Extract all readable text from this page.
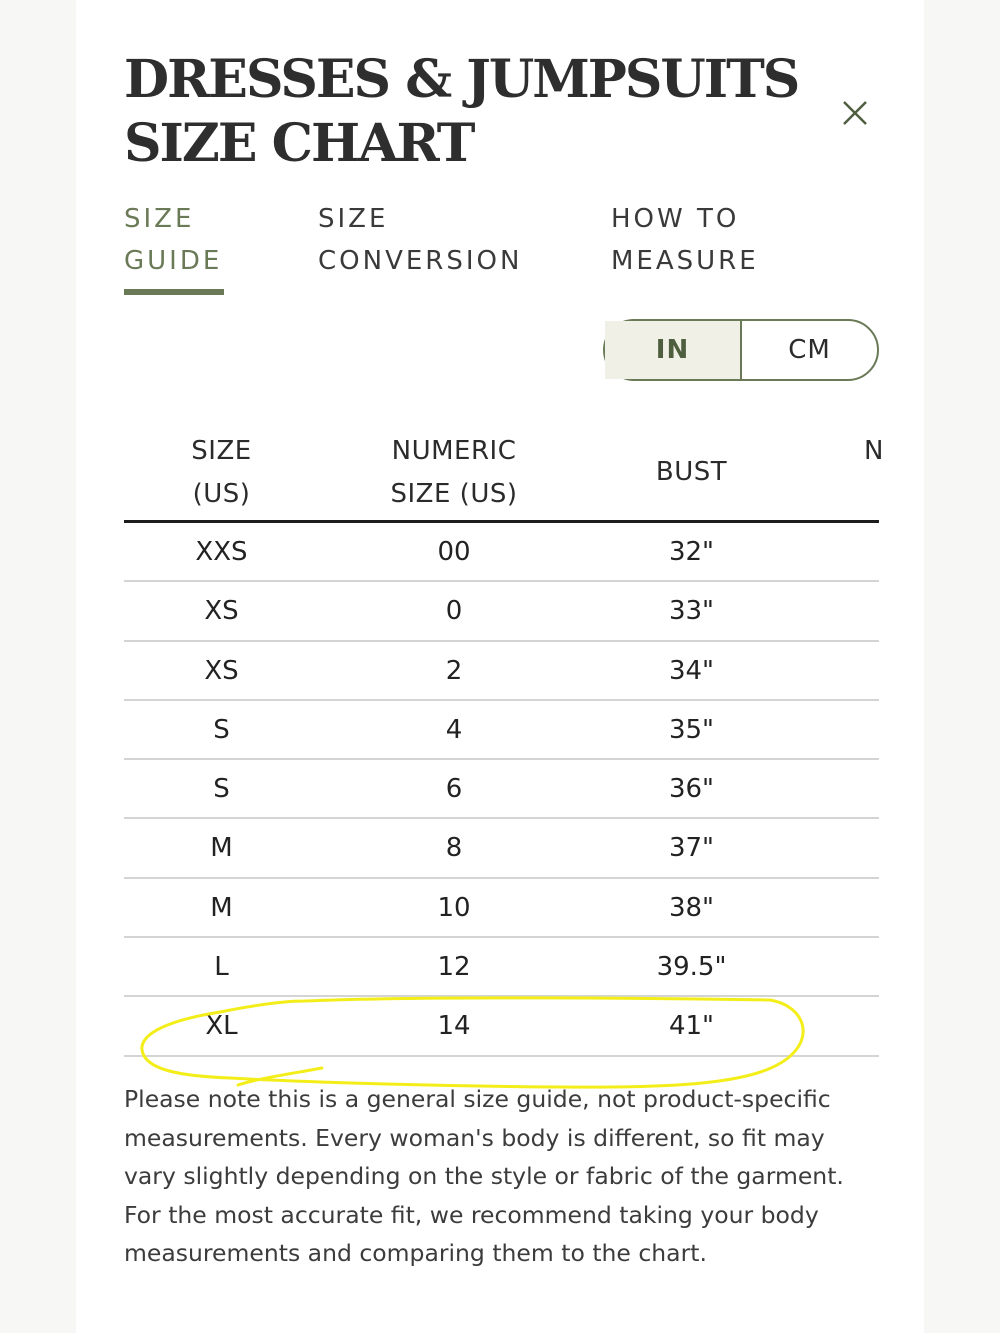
DRESSES & JUMPSUITS SIZE CHART
SIZE
GUIDE
SIZE
CONVERSION
HOW TO
MEASURE
IN	CM
SIZE
(US)
NUMERIC
SIZE (US)
BUST
N
XXS	00	32"
XS	0	33"
XS	2	34"
S	4	35"
S	6	36"
M	8	37"
M	10	38"
L	12	39.5"
XL	14	41"

Please note this is a general size guide, not product-specific measurements. Every woman's body is different, so fit may vary slightly depending on the style or fabric of the garment. For the most accurate fit, we recommend taking your body measurements and comparing them to the chart.
